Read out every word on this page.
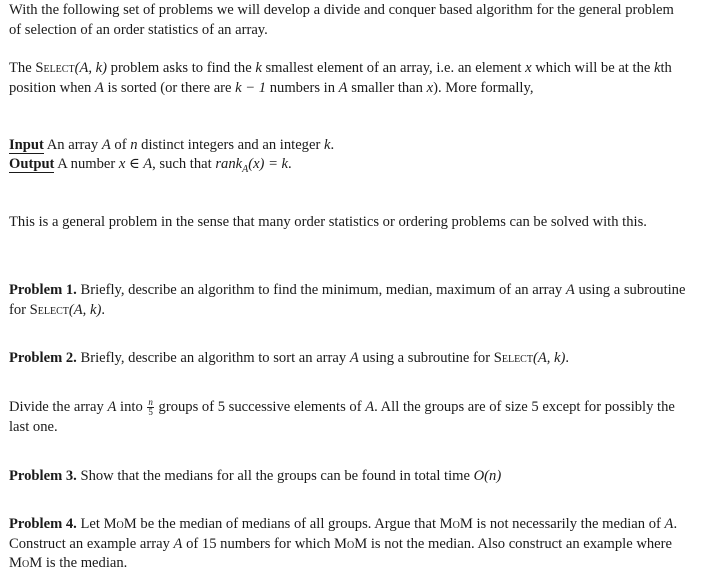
With the following set of problems we will develop a divide and conquer based algorithm for the general problem of selection of an order statistics of an array.

The Select(A, k) problem asks to find the k smallest element of an array, i.e. an element x which will be at the kth position when A is sorted (or there are k − 1 numbers in A smaller than x). More formally,

Input An array A of n distinct integers and an integer k.

Output A number x ∈ A, such that rank$_A$(x) = k.

This is a general problem in the sense that many order statistics or ordering problems can be solved with this.

Problem 1. Briefly, describe an algorithm to find the minimum, median, maximum of an array A using a subroutine for Select(A, k).

Problem 2. Briefly, describe an algorithm to sort an array A using a subroutine for Select(A, k).

Divide the array A into $\frac{n}{5}$ groups of 5 successive elements of A. All the groups are of size 5 except for possibly the last one.

Problem 3. Show that the medians for all the groups can be found in total time O(n)

Problem 4. Let MoM be the median of medians of all groups. Argue that MoM is not necessarily the median of A. Construct an example array A of 15 numbers for which MoM is not the median. Also construct an example where MoM is the median.
